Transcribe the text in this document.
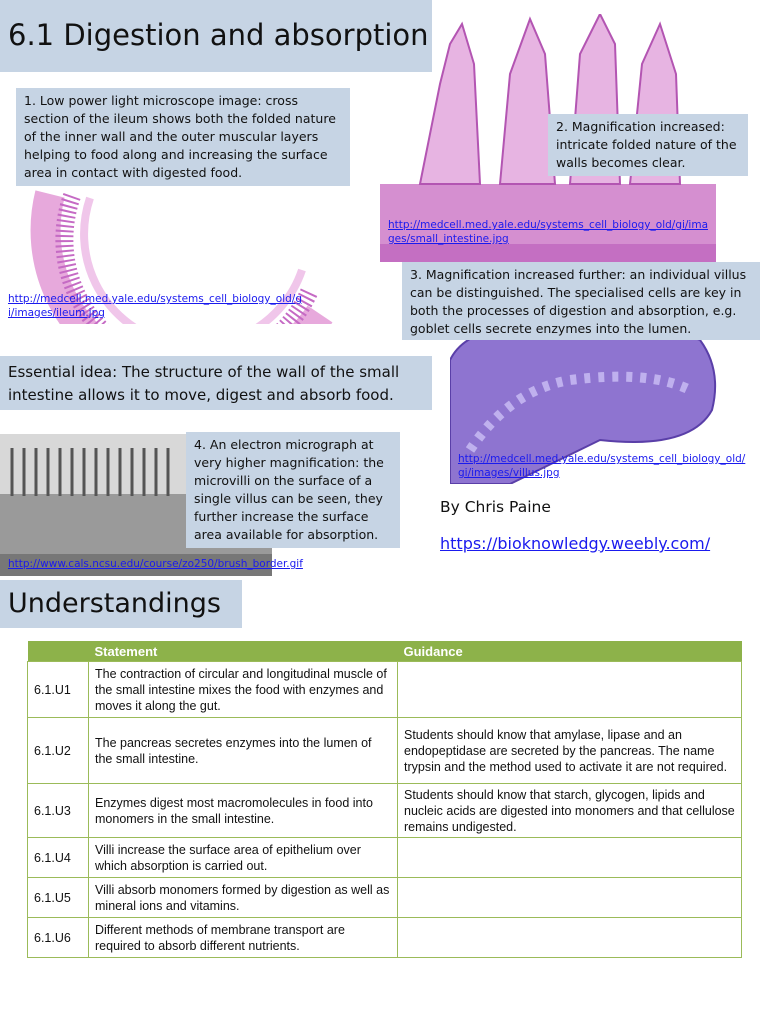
6.1 Digestion and absorption
1. Low power light microscope image: cross section of the ileum shows both the folded nature of the inner wall and the outer muscular layers helping to food along and increasing the surface area in contact with digested food.
http://medcell.med.yale.edu/systems_cell_biology_old/gi/images/ileum.jpg
2. Magnification increased: intricate folded nature of the walls becomes clear.
http://medcell.med.yale.edu/systems_cell_biology_old/gi/images/small_intestine.jpg
3. Magnification increased further: an individual villus can be distinguished. The specialised cells are key in both the processes of digestion and absorption, e.g. goblet cells secrete enzymes into the lumen.
http://medcell.med.yale.edu/systems_cell_biology_old/gi/images/villus.jpg
Essential idea: The structure of the wall of the small intestine allows it to move, digest and absorb food.
4. An electron micrograph at very higher magnification: the microvilli on the surface of a single villus can be seen, they further increase the surface area available for absorption.
http://www.cals.ncsu.edu/course/zo250/brush_border.gif
By Chris Paine
https://bioknowledgy.weebly.com/
Understandings
	Statement	Guidance
6.1.U1	The contraction of circular and longitudinal muscle of the small intestine mixes the food with enzymes and moves it along the gut.	
6.1.U2	The pancreas secretes enzymes into the lumen of the small intestine.	Students should know that amylase, lipase and an endopeptidase are secreted by the pancreas. The name trypsin and the method used to activate it are not required.
6.1.U3	Enzymes digest most macromolecules in food into monomers in the small intestine.	Students should know that starch, glycogen, lipids and nucleic acids are digested into monomers and that cellulose remains undigested.
6.1.U4	Villi increase the surface area of epithelium over which absorption is carried out.	
6.1.U5	Villi absorb monomers formed by digestion as well as mineral ions and vitamins.	
6.1.U6	Different methods of membrane transport are required to absorb different nutrients.	
